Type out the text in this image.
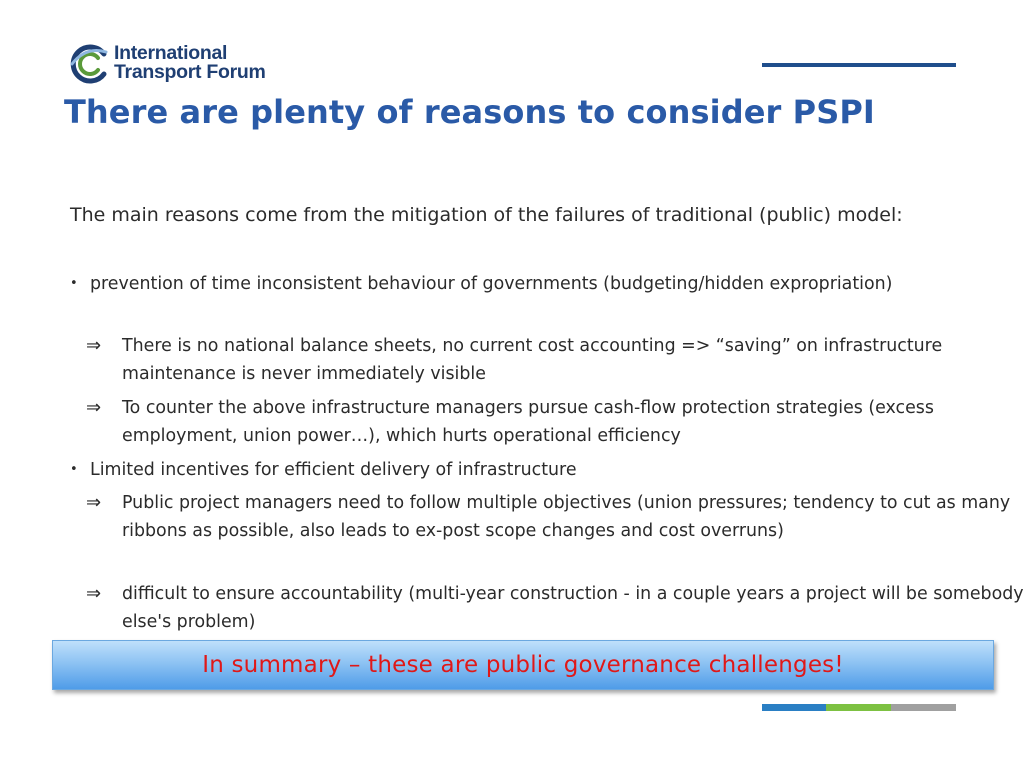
International
Transport Forum
There are plenty of reasons to consider PSPI

The main reasons come from the mitigation of the failures of traditional (public) model:

• prevention of time inconsistent behaviour of governments (budgeting/hidden expropriation)
⇒ There is no national balance sheets, no current cost accounting => “saving” on infrastructure maintenance is never immediately visible
⇒ To counter the above infrastructure managers pursue cash-flow protection strategies (excess employment, union power…), which hurts operational efficiency
• Limited incentives for efficient delivery of infrastructure
⇒ Public project managers need to follow multiple objectives (union pressures; tendency to cut as many ribbons as possible, also leads to ex-post scope changes and cost overruns)
⇒ difficult to ensure accountability (multi-year construction - in a couple years a project will be somebody else's problem)
In summary – these are public governance challenges!
